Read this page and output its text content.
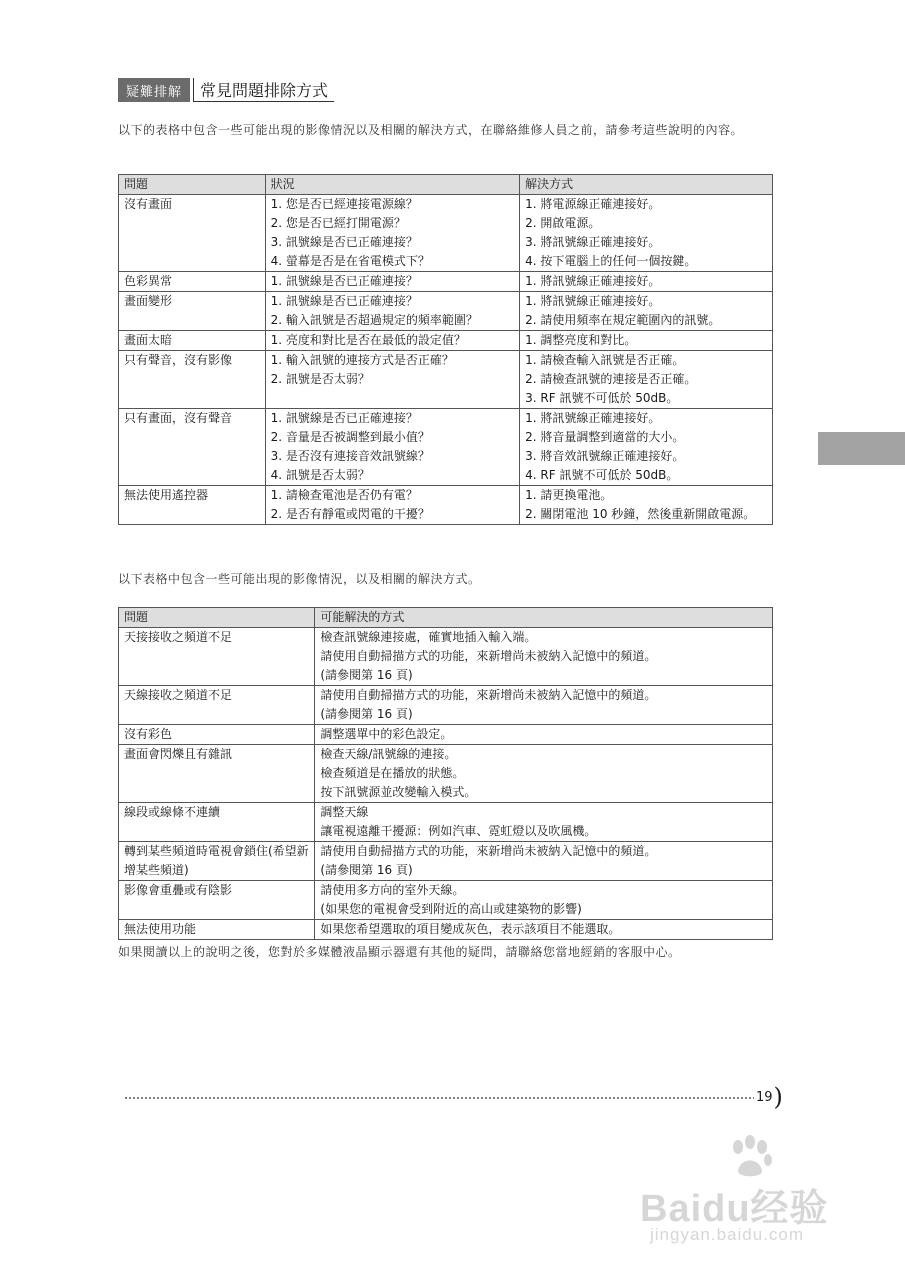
疑難排解	常見問題排除方式
以下的表格中包含一些可能出現的影像情況以及相關的解決方式，在聯絡維修人員之前，請參考這些說明的內容。
問題	狀況	解決方式

沒有畫面	1. 您是否已經連接電源線？
2. 您是否已經打開電源？
3. 訊號線是否已正確連接？
4. 螢幕是否是在省電模式下？	1. 將電源線正確連接好。
2. 開啟電源。
3. 將訊號線正確連接好。
4. 按下電腦上的任何一個按鍵。

色彩異常	1. 訊號線是否已正確連接？	1. 將訊號線正確連接好。

畫面變形	1. 訊號線是否已正確連接？
2. 輸入訊號是否超過規定的頻率範圍？	1. 將訊號線正確連接好。
2. 請使用頻率在規定範圍內的訊號。

畫面太暗	1. 亮度和對比是否在最低的設定值？	1. 調整亮度和對比。

只有聲音，沒有影像	1. 輸入訊號的連接方式是否正確？
2. 訊號是否太弱？	1. 請檢查輸入訊號是否正確。
2. 請檢查訊號的連接是否正確。
3. RF 訊號不可低於 50dB。

只有畫面，沒有聲音	1. 訊號線是否已正確連接？
2. 音量是否被調整到最小值？
3. 是否沒有連接音效訊號線？
4. 訊號是否太弱？	1. 將訊號線正確連接好。
2. 將音量調整到適當的大小。
3. 將音效訊號線正確連接好。
4. RF 訊號不可低於 50dB。

無法使用遙控器	1. 請檢查電池是否仍有電？
2. 是否有靜電或閃電的干擾？	1. 請更換電池。
2. 關閉電池 10 秒鐘，然後重新開啟電源。
以下表格中包含一些可能出現的影像情況，以及相關的解決方式。
問題	可能解決的方式

天接接收之頻道不足	檢查訊號線連接處，確實地插入輸入端。
請使用自動掃描方式的功能，來新增尚未被納入記憶中的頻道。
(請參閱第 16 頁)

天線接收之頻道不足	請使用自動掃描方式的功能，來新增尚未被納入記憶中的頻道。
(請參閱第 16 頁)

沒有彩色	調整選單中的彩色設定。

畫面會閃爍且有雜訊	檢查天線/訊號線的連接。
檢查頻道是在播放的狀態。
按下訊號源並改變輸入模式。

線段或線條不連續	調整天線
讓電視遠離干擾源：例如汽車、霓虹燈以及吹風機。

轉到某些頻道時電視會鎖住(希望新增某些頻道)	請使用自動掃描方式的功能，來新增尚未被納入記憶中的頻道。
(請參閱第 16 頁)

影像會重疊或有陰影	請使用多方向的室外天線。
(如果您的電視會受到附近的高山或建築物的影響)

無法使用功能	如果您希望選取的項目變成灰色，表示該項目不能選取。
如果閱讀以上的說明之後，您對於多媒體液晶顯示器還有其他的疑問，請聯絡您當地經銷的客服中心。
19 )
Baidu经验
jingyan.baidu.com
